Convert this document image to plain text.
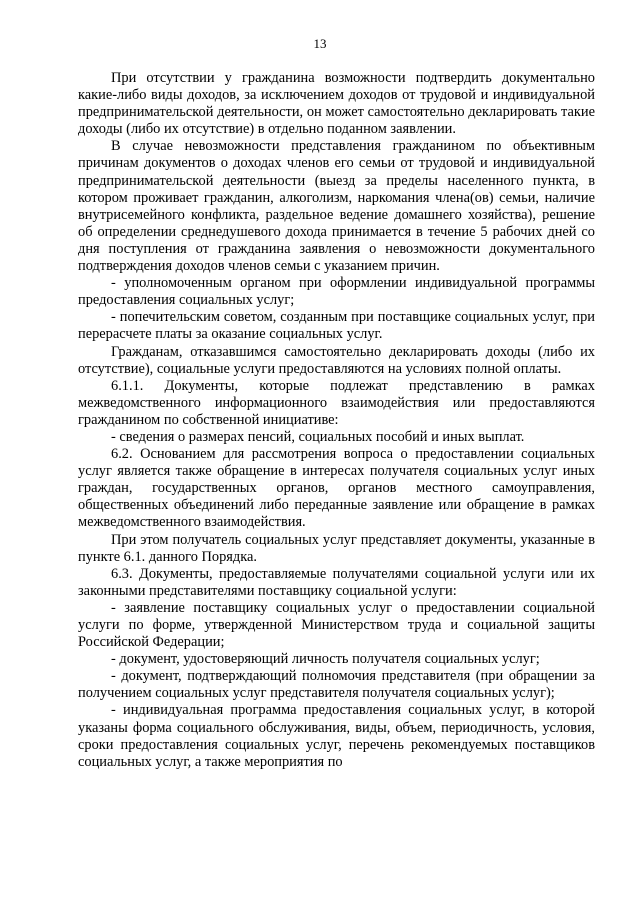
13

При отсутствии у гражданина возможности подтвердить документально какие-либо виды доходов, за исключением доходов от трудовой и индивидуальной предпринимательской деятельности, он может самостоятельно декларировать такие доходы (либо их отсутствие) в отдельно поданном заявлении.

В случае невозможности представления гражданином по объективным причинам документов о доходах членов его семьи от трудовой и индивидуальной предпринимательской деятельности (выезд за пределы населенного пункта, в котором проживает гражданин, алкоголизм, наркомания члена(ов) семьи, наличие внутрисемейного конфликта, раздельное ведение домашнего хозяйства), решение об определении среднедушевого дохода принимается в течение 5 рабочих дней со дня поступления от гражданина заявления о невозможности документального подтверждения доходов членов семьи с указанием причин.

- уполномоченным органом при оформлении индивидуальной программы предоставления социальных услуг;

- попечительским советом, созданным при поставщике социальных услуг, при перерасчете платы за оказание социальных услуг.

Гражданам, отказавшимся самостоятельно декларировать доходы (либо их отсутствие), социальные услуги предоставляются на условиях полной оплаты.

6.1.1. Документы, которые подлежат представлению в рамках межведомственного информационного взаимодействия или предоставляются гражданином по собственной инициативе:

- сведения о размерах пенсий, социальных пособий и иных выплат.

6.2. Основанием для рассмотрения вопроса о предоставлении социальных услуг является также обращение в интересах получателя социальных услуг иных граждан, государственных органов, органов местного самоуправления, общественных объединений либо переданные заявление или обращение в рамках межведомственного взаимодействия.

При этом получатель социальных услуг представляет документы, указанные в пункте 6.1. данного Порядка.

6.3. Документы, предоставляемые получателями социальной услуги или их законными представителями поставщику социальной услуги:

- заявление поставщику социальных услуг о предоставлении социальной услуги по форме, утвержденной Министерством труда и социальной защиты Российской Федерации;

- документ, удостоверяющий личность получателя социальных услуг;

- документ, подтверждающий полномочия представителя (при обращении за получением социальных услуг представителя получателя социальных услуг);

- индивидуальная программа предоставления социальных услуг, в которой указаны форма социального обслуживания, виды, объем, периодичность, условия, сроки предоставления социальных услуг, перечень рекомендуемых поставщиков социальных услуг, а также мероприятия по
